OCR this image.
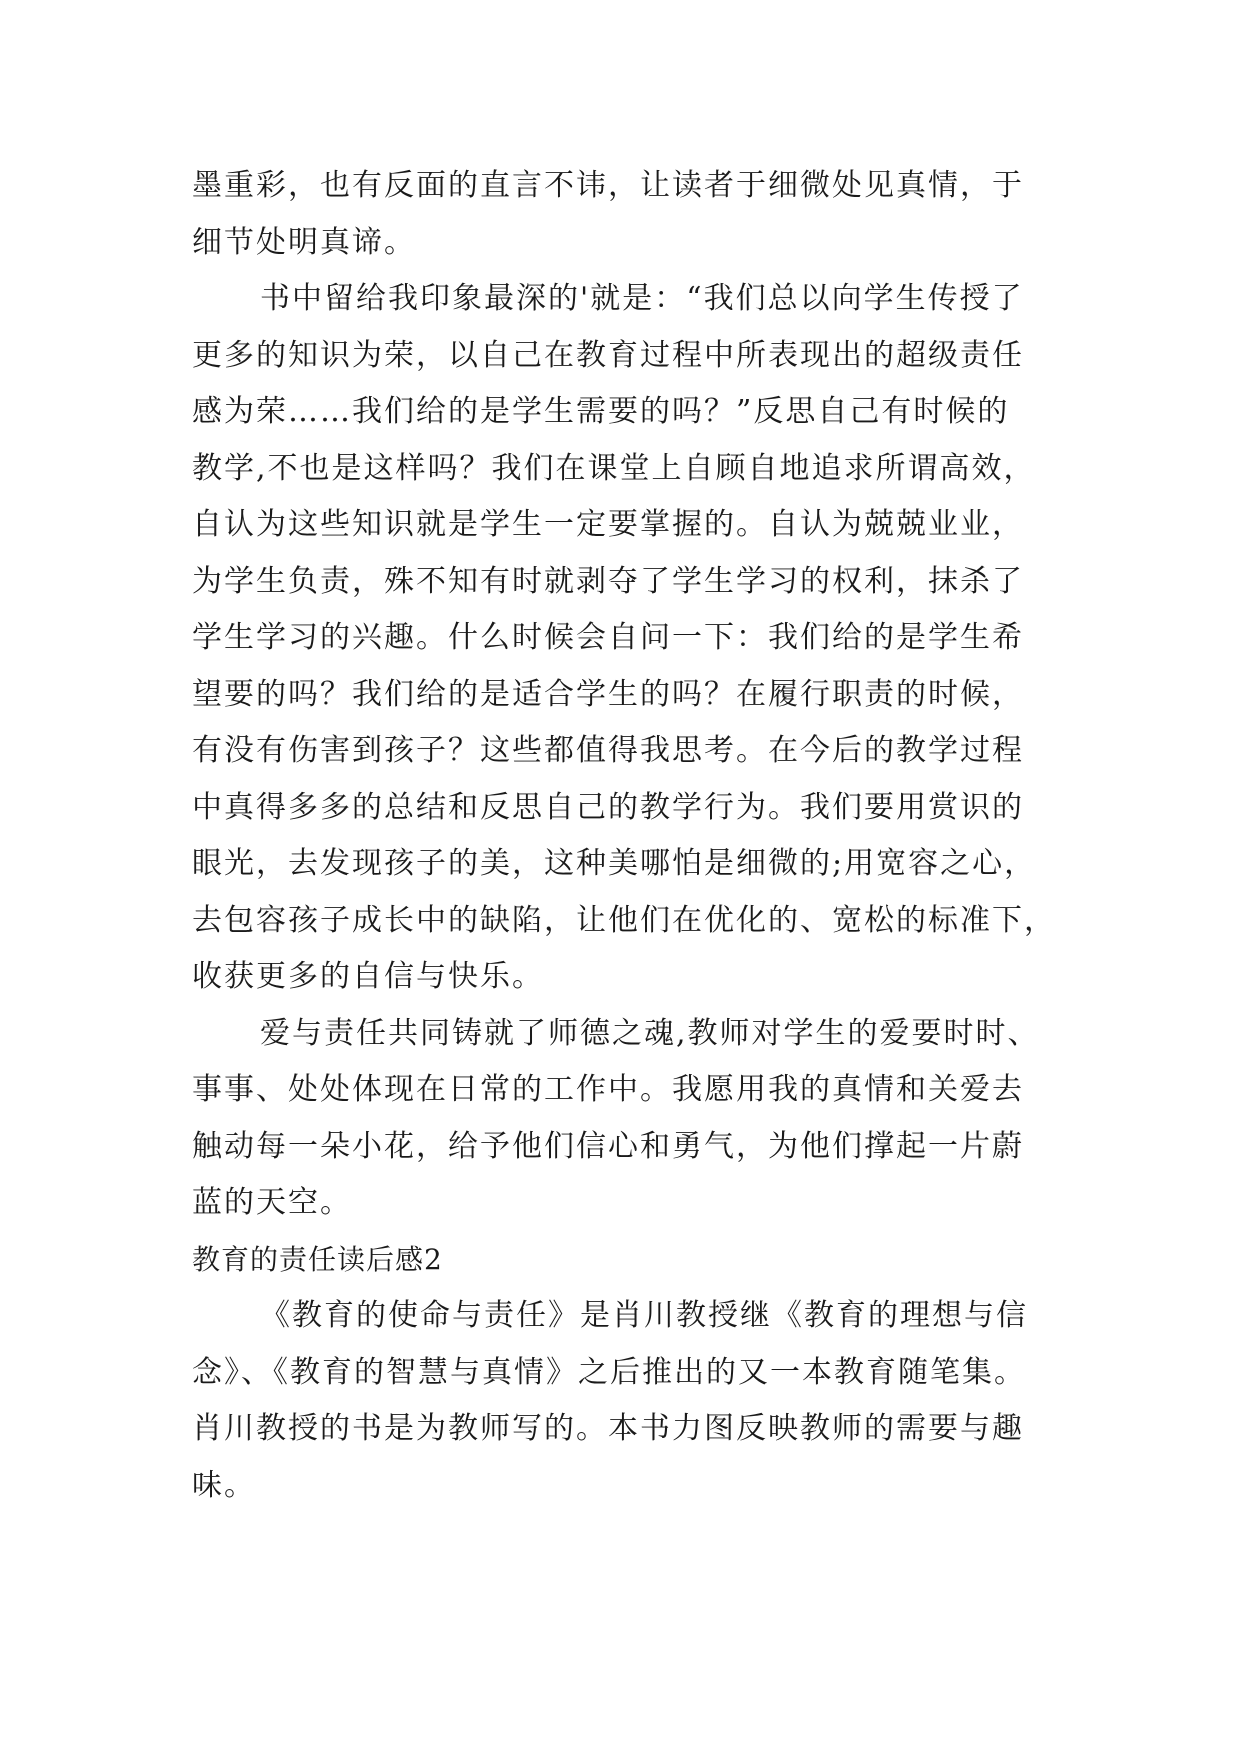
墨重彩，也有反面的直言不讳，让读者于细微处见真情，于
细节处明真谛。
书中留给我印象最深的'就是：“我们总以向学生传授了
更多的知识为荣，以自己在教育过程中所表现出的超级责任
感为荣……我们给的是学生需要的吗？”反思自己有时候的
教学,不也是这样吗？我们在课堂上自顾自地追求所谓高效，
自认为这些知识就是学生一定要掌握的。自认为兢兢业业，
为学生负责，殊不知有时就剥夺了学生学习的权利，抹杀了
学生学习的兴趣。什么时候会自问一下：我们给的是学生希
望要的吗？我们给的是适合学生的吗？在履行职责的时候，
有没有伤害到孩子？这些都值得我思考。在今后的教学过程
中真得多多的总结和反思自己的教学行为。我们要用赏识的
眼光，去发现孩子的美，这种美哪怕是细微的;用宽容之心，
去包容孩子成长中的缺陷，让他们在优化的、宽松的标准下，
收获更多的自信与快乐。
爱与责任共同铸就了师德之魂,教师对学生的爱要时时、
事事、处处体现在日常的工作中。我愿用我的真情和关爱去
触动每一朵小花，给予他们信心和勇气，为他们撑起一片蔚
蓝的天空。
教育的责任读后感2
《教育的使命与责任》是肖川教授继《教育的理想与信
念》、《教育的智慧与真情》之后推出的又一本教育随笔集。
肖川教授的书是为教师写的。本书力图反映教师的需要与趣
味。
